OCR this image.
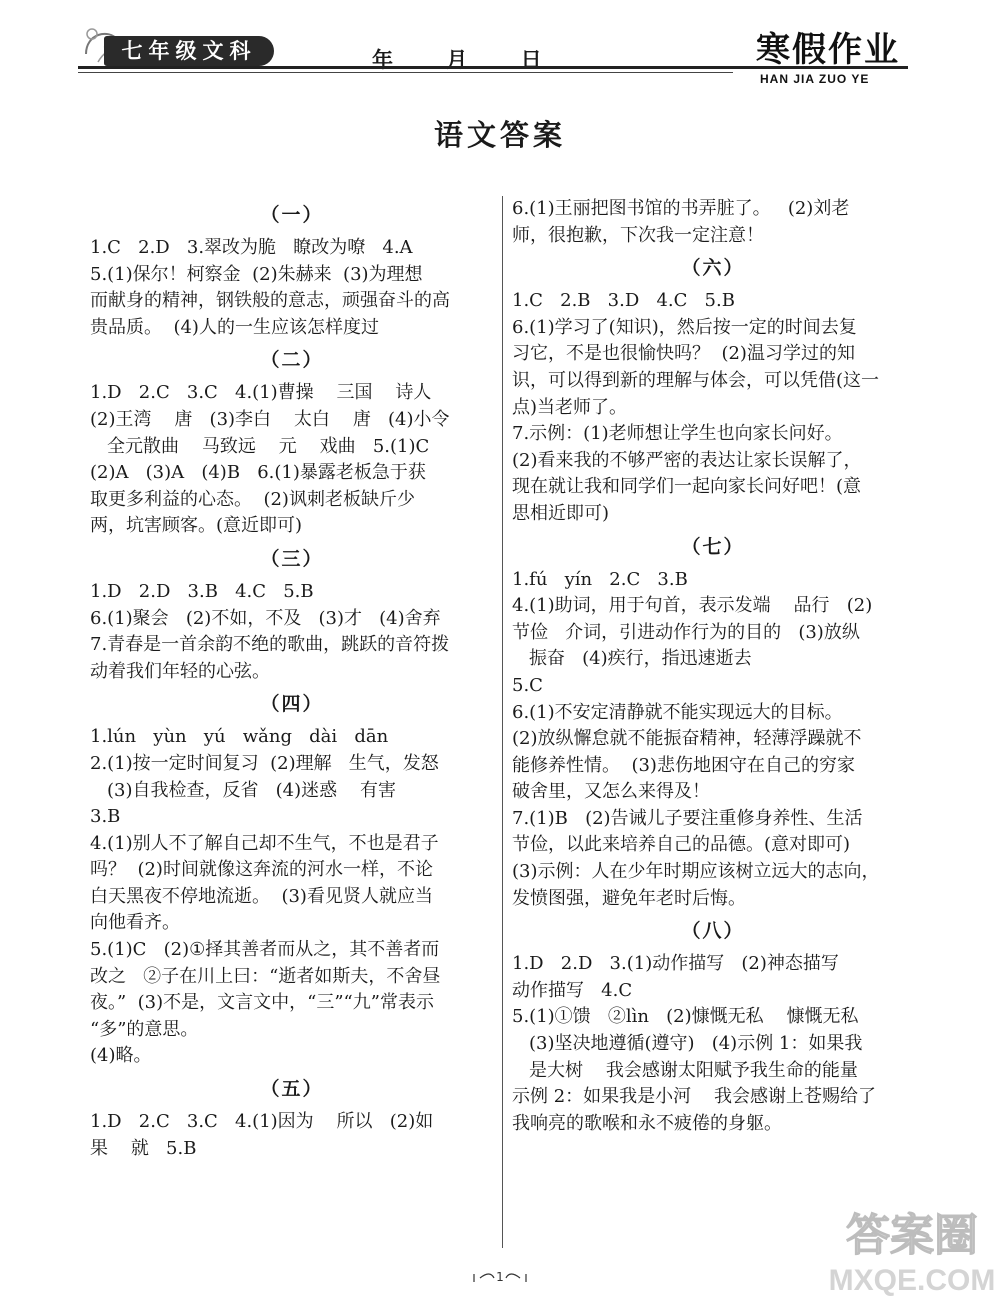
七年级文科	年	月	日	寒假作业
HAN JIA ZUO YE
语文答案
（一）
1.C   2.D   3.翠改为脆   瞭改为嘹   4.A
5.(1)保尔！柯察金  (2)朱赫来  (3)为理想
而献身的精神，钢铁般的意志，顽强奋斗的高
贵品质。  (4)人的一生应该怎样度过
（二）
1.D   2.C   3.C   4.(1)曹操    三国    诗人
(2)王湾    唐   (3)李白    太白    唐   (4)小令
全元散曲    马致远    元    戏曲   5.(1)C
(2)A   (3)A   (4)B   6.(1)暴露老板急于获
取更多利益的心态。  (2)讽刺老板缺斤少
两，坑害顾客。(意近即可)
（三）
1.D   2.D   3.B   4.C   5.B
6.(1)聚会   (2)不如，不及   (3)才   (4)舍弃
7.青春是一首余韵不绝的歌曲，跳跃的音符拨
动着我们年轻的心弦。
（四）
1.lún   yùn   yú   wǎng   dài   dān
2.(1)按一定时间复习  (2)理解   生气，发怒
(3)自我检查，反省   (4)迷惑    有害
3.B
4.(1)别人不了解自己却不生气，不也是君子
吗？  (2)时间就像这奔流的河水一样，不论
白天黑夜不停地流逝。  (3)看见贤人就应当
向他看齐。
5.(1)C   (2)①择其善者而从之，其不善者而
改之   ②子在川上曰：“逝者如斯夫，不舍昼
夜。”  (3)不是，文言文中，“三”“九”常表示
“多”的意思。
(4)略。
（五）
1.D   2.C   3.C   4.(1)因为    所以   (2)如
果    就   5.B
6.(1)王丽把图书馆的书弄脏了。   (2)刘老
师，很抱歉，下次我一定注意！
（六）
1.C   2.B   3.D   4.C   5.B
6.(1)学习了(知识)，然后按一定的时间去复
习它，不是也很愉快吗？  (2)温习学过的知
识，可以得到新的理解与体会，可以凭借(这一
点)当老师了。
7.示例：(1)老师想让学生也向家长问好。
(2)看来我的不够严密的表达让家长误解了，
现在就让我和同学们一起向家长问好吧！(意
思相近即可)
（七）
1.fú   yín   2.C   3.B
4.(1)助词，用于句首，表示发端    品行   (2)
节俭   介词，引进动作行为的目的   (3)放纵
振奋   (4)疾行，指迅速逝去
5.C
6.(1)不安定清静就不能实现远大的目标。
(2)放纵懈怠就不能振奋精神，轻薄浮躁就不
能修养性情。  (3)悲伤地困守在自己的穷家
破舍里，又怎么来得及！
7.(1)B   (2)告诫儿子要注重修身养性、生活
节俭，以此来培养自己的品德。(意对即可)
(3)示例：人在少年时期应该树立远大的志向，
发愤图强，避免年老时后悔。
（八）
1.D   2.D   3.(1)动作描写   (2)神态描写
动作描写   4.C
5.(1)①馈   ②lìn   (2)慷慨无私    慷慨无私
(3)坚决地遵循(遵守)   (4)示例 1：如果我
是大树    我会感谢太阳赋予我生命的能量
示例 2：如果我是小河    我会感谢上苍赐给了
我响亮的歌喉和永不疲倦的身躯。
1
答案圈
MXQE.COM
